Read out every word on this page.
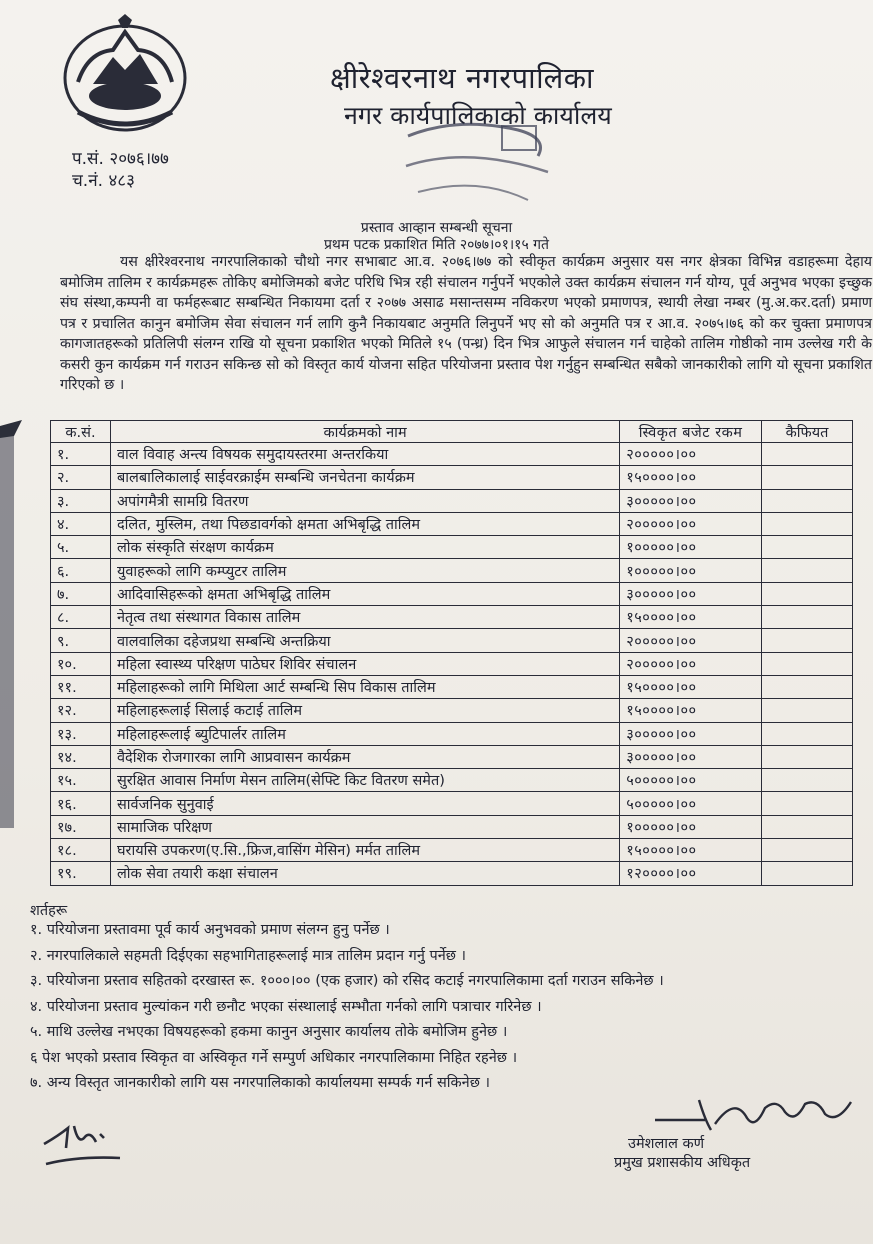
क्षीरेश्वरनाथ नगरपालिका
नगर कार्यपालिकाको कार्यालय
प.सं. २०७६।७७
च.नं. ४८३
प्रस्ताव आव्हान सम्बन्धी सूचना
प्रथम पटक प्रकाशित मिति २०७७।०१।१५ गते
यस क्षीरेश्वरनाथ नगरपालिकाको चौथो नगर सभाबाट आ.व. २०७६।७७ को स्वीकृत कार्यक्रम अनुसार यस नगर क्षेत्रका विभिन्न वडाहरूमा देहाय बमोजिम तालिम र कार्यक्रमहरू तोकिए बमोजिमको बजेट परिधि भित्र रही संचालन गर्नुपर्ने भएकोले उक्त कार्यक्रम संचालन गर्न योग्य, पूर्व अनुभव भएका इच्छुक संघ संस्था,कम्पनी वा फर्महरूबाट सम्बन्धित निकायमा दर्ता र २०७७ असाढ मसान्तसम्म नविकरण भएको प्रमाणपत्र, स्थायी लेखा नम्बर (मु.अ.कर.दर्ता) प्रमाण पत्र र प्रचालित कानुन बमोजिम सेवा संचालन गर्न लागि कुनै निकायबाट अनुमति लिनुपर्ने भए सो को अनुमति पत्र र आ.व. २०७५।७६ को कर चुक्ता प्रमाणपत्र कागजातहरूको प्रतिलिपी संलग्न राखि यो सूचना प्रकाशित भएको मितिले १५ (पन्ध्र) दिन भित्र आफुले संचालन गर्न चाहेको तालिम गोष्ठीको नाम उल्लेख गरी के कसरी कुन कार्यक्रम गर्न गराउन सकिन्छ सो को विस्तृत कार्य योजना सहित परियोजना प्रस्ताव पेश गर्नुहुन सम्बन्धित सबैको जानकारीको लागि यो सूचना प्रकाशित गरिएको छ ।
क.सं.	कार्यक्रमको नाम	स्विकृत बजेट रकम	कैफियत
१.	वाल विवाह अन्त्य विषयक समुदायस्तरमा अन्तरकिया	२०००००।००	
२.	बालबालिकालाई साईवरक्राईम सम्बन्धि जनचेतना कार्यक्रम	१५००००।००	
३.	अपांगमैत्री सामग्रि वितरण	३०००००।००	
४.	दलित, मुस्लिम, तथा पिछडावर्गको क्षमता अभिबृद्धि तालिम	२०००००।००	
५.	लोक संस्कृति संरक्षण कार्यक्रम	१०००००।००	
६.	युवाहरूको लागि कम्प्युटर तालिम	१०००००।००	
७.	आदिवासिहरूको क्षमता अभिबृद्धि तालिम	३०००००।००	
८.	नेतृत्व तथा संस्थागत विकास तालिम	१५००००।००	
९.	वालवालिका दहेजप्रथा सम्बन्धि अन्तक्रिया	२०००००।००	
१०.	महिला स्वास्थ्य परिक्षण पाठेघर शिविर संचालन	२०००००।००	
११.	महिलाहरूको लागि मिथिला आर्ट सम्बन्धि सिप विकास तालिम	१५००००।००	
१२.	महिलाहरूलाई सिलाई कटाई तालिम	१५००००।००	
१३.	महिलाहरूलाई ब्युटिपार्लर तालिम	३०००००।००	
१४.	वैदेशिक रोजगारका लागि आप्रवासन कार्यक्रम	३०००००।००	
१५.	सुरक्षित आवास निर्माण मेसन तालिम(सेफ्टि किट वितरण समेत)	५०००००।००	
१६.	सार्वजनिक सुनुवाई	५०००००।००	
१७.	सामाजिक परिक्षण	१०००००।००	
१८.	घरायसि उपकरण(ए.सि.,फ्रिज,वासिंग मेसिन) मर्मत तालिम	१५००००।००	
१९.	लोक सेवा तयारी कक्षा संचालन	१२००००।००	
शर्तहरू
१. परियोजना प्रस्तावमा पूर्व कार्य अनुभवको प्रमाण संलग्न हुनु पर्नेछ ।
२. नगरपालिकाले सहमती दिईएका सहभागिताहरूलाई मात्र तालिम प्रदान गर्नु पर्नेछ ।
३. परियोजना प्रस्ताव सहितको दरखास्त रू. १०००।०० (एक हजार) को रसिद कटाई नगरपालिकामा दर्ता गराउन सकिनेछ ।
४. परियोजना प्रस्ताव मुल्यांकन गरी छनौट भएका संस्थालाई सम्भौता गर्नको लागि पत्राचार गरिनेछ ।
५. माथि उल्लेख नभएका विषयहरूको हकमा कानुन अनुसार कार्यालय तोके बमोजिम हुनेछ ।
६ पेश भएको प्रस्ताव स्विकृत वा अस्विकृत गर्ने सम्पुर्ण अधिकार नगरपालिकामा निहित रहनेछ ।
७. अन्य विस्तृत जानकारीको लागि यस नगरपालिकाको कार्यालयमा सम्पर्क गर्न सकिनेछ ।
उमेशलाल कर्ण
प्रमुख प्रशासकीय अधिकृत
